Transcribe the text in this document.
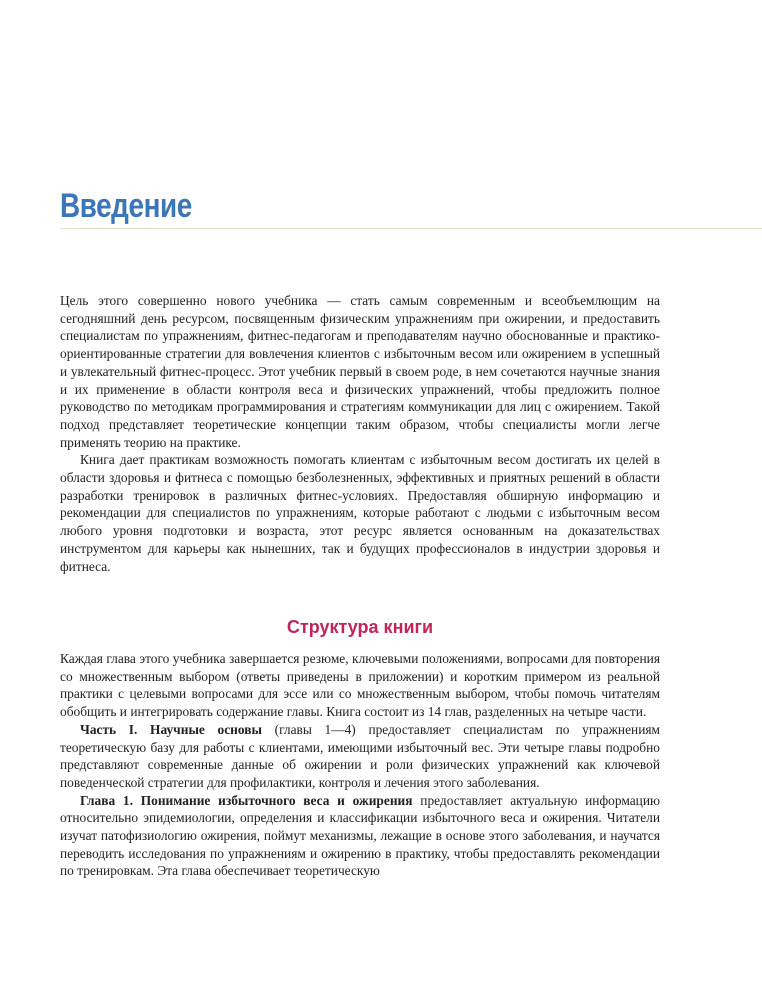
Введение

Цель этого совершенно нового учебника — стать самым современным и всеобъемлющим на сегодняшний день ресурсом, посвященным физическим упражнениям при ожирении, и предоставить специалистам по упражнениям, фитнес-педагогам и преподавателям научно обоснованные и практико-ориентированные стратегии для вовлечения клиентов с избыточным весом или ожирением в успешный и увлекательный фитнес-процесс. Этот учебник первый в своем роде, в нем сочетаются научные знания и их применение в области контроля веса и физических упражнений, чтобы предложить полное руководство по методикам программирования и стратегиям коммуникации для лиц с ожирением. Такой подход представляет теоретические концепции таким образом, чтобы специалисты могли легче применять теорию на практике.

Книга дает практикам возможность помогать клиентам с избыточным весом достигать их целей в области здоровья и фитнеса с помощью безболезненных, эффективных и приятных решений в области разработки тренировок в различных фитнес-условиях. Предоставляя обширную информацию и рекомендации для специалистов по упражнениям, которые работают с людьми с избыточным весом любого уровня подготовки и возраста, этот ресурс является основанным на доказательствах инструментом для карьеры как нынешних, так и будущих профессионалов в индустрии здоровья и фитнеса.

Структура книги

Каждая глава этого учебника завершается резюме, ключевыми положениями, вопросами для повторения со множественным выбором (ответы приведены в приложении) и коротким примером из реальной практики с целевыми вопросами для эссе или со множественным выбором, чтобы помочь читателям обобщить и интегрировать содержание главы. Книга состоит из 14 глав, разделенных на четыре части.

Часть I. Научные основы (главы 1—4) предоставляет специалистам по упражнениям теоретическую базу для работы с клиентами, имеющими избыточный вес. Эти четыре главы подробно представляют современные данные об ожирении и роли физических упражнений как ключевой поведенческой стратегии для профилактики, контроля и лечения этого заболевания.

Глава 1. Понимание избыточного веса и ожирения предоставляет актуальную информацию относительно эпидемиологии, определения и классификации избыточного веса и ожирения. Читатели изучат патофизиологию ожирения, поймут механизмы, лежащие в основе этого заболевания, и научатся переводить исследования по упражнениям и ожирению в практику, чтобы предоставлять рекомендации по тренировкам. Эта глава обеспечивает теоретическую
